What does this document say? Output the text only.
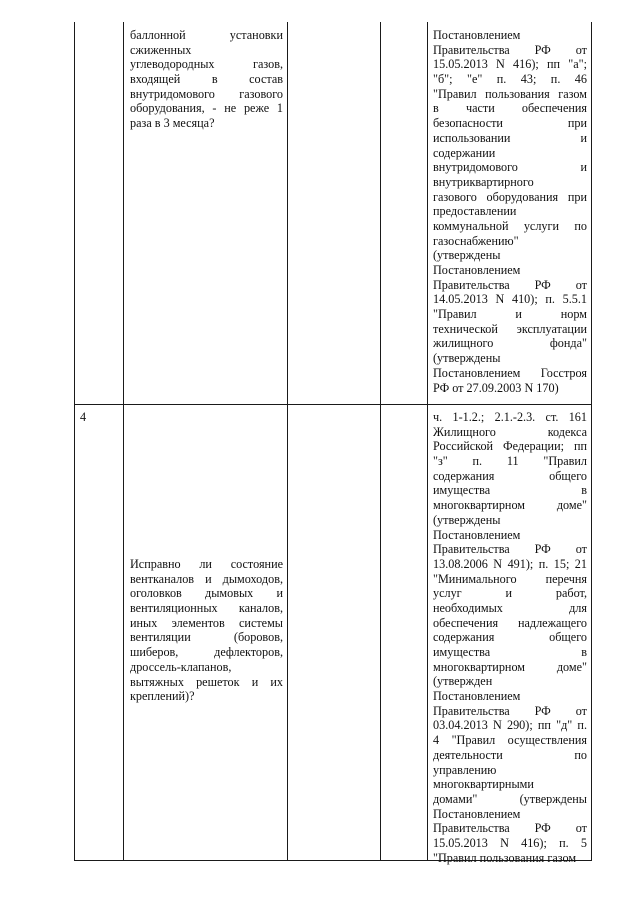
баллонной установки
сжиженных
углеводородных газов,
входящей в состав
внутридомового газового
оборудования, - не реже 1
раза в 3 месяца?
Постановлением
Правительства РФ от
15.05.2013 N 416); пп "а";
"б"; "е" п. 43; п. 46
"Правил пользования газом
в части обеспечения
безопасности при
использовании и
содержании
внутридомового и
внутриквартирного
газового оборудования при
предоставлении
коммунальной услуги по
газоснабжению"
(утверждены
Постановлением
Правительства РФ от
14.05.2013 N 410); п. 5.5.1
"Правил и норм
технической эксплуатации
жилищного фонда"
(утверждены
Постановлением Госстроя
РФ от 27.09.2003 N 170)
4
Исправно ли состояние
вентканалов и дымоходов,
оголовков дымовых и
вентиляционных каналов,
иных элементов системы
вентиляции (боровов,
шиберов, дефлекторов,
дроссель-клапанов,
вытяжных решеток и их
креплений)?
ч. 1-1.2.; 2.1.-2.3. ст. 161
Жилищного кодекса
Российской Федерации; пп
"з" п. 11 "Правил
содержания общего
имущества в
многоквартирном доме"
(утверждены
Постановлением
Правительства РФ от
13.08.2006 N 491); п. 15; 21
"Минимального перечня
услуг и работ,
необходимых для
обеспечения надлежащего
содержания общего
имущества в
многоквартирном доме"
(утвержден
Постановлением
Правительства РФ от
03.04.2013 N 290); пп "д" п.
4 "Правил осуществления
деятельности по
управлению
многоквартирными
домами" (утверждены
Постановлением
Правительства РФ от
15.05.2013 N 416); п. 5
"Правил пользования газом
